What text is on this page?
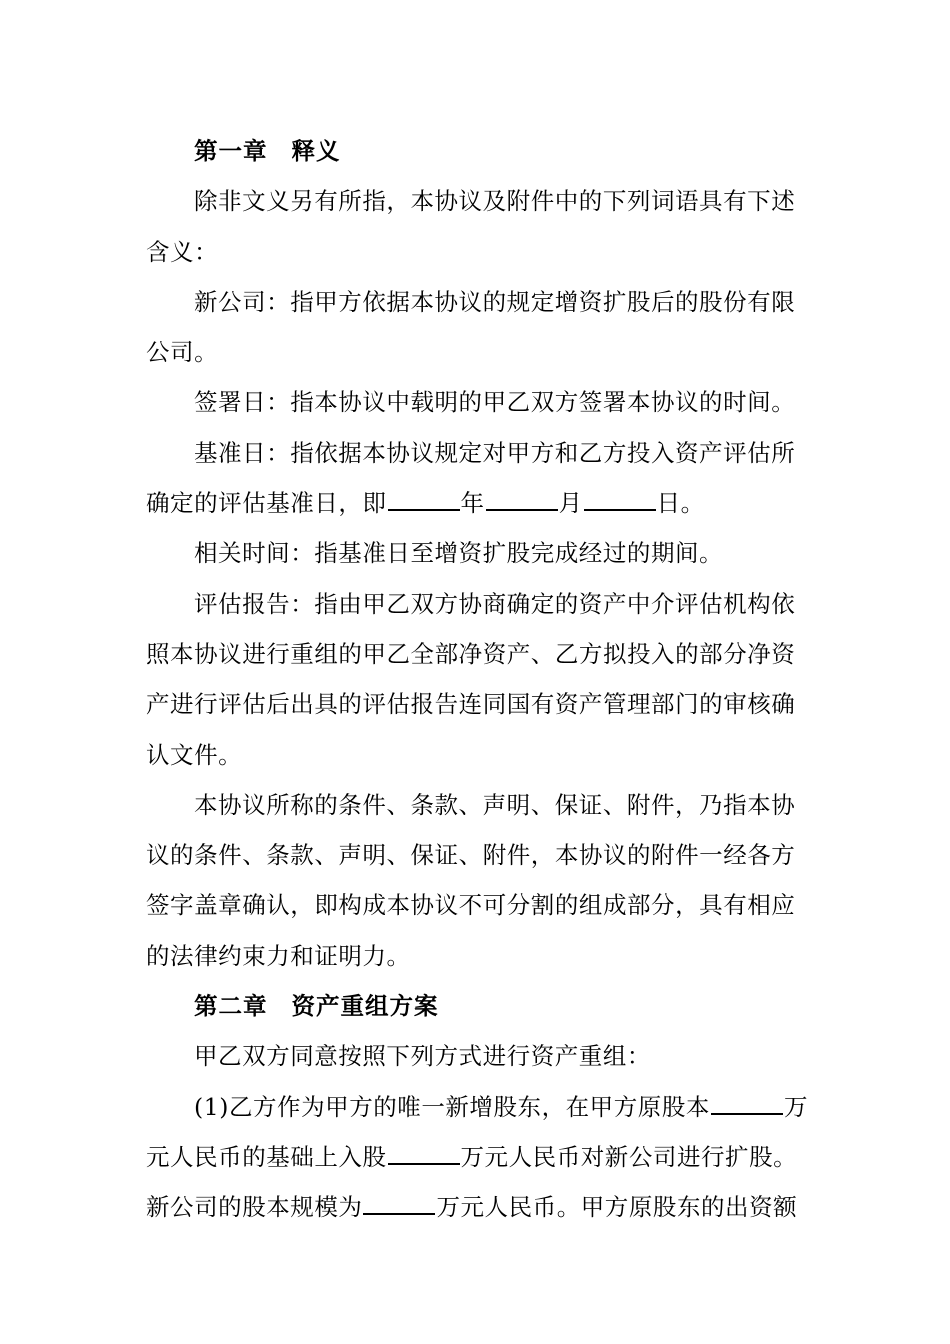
第一章 释义
除非文义另有所指，本协议及附件中的下列词语具有下述
含义：
新公司：指甲方依据本协议的规定增资扩股后的股份有限
公司。
签署日：指本协议中载明的甲乙双方签署本协议的时间。
基准日：指依据本协议规定对甲方和乙方投入资产评估所
确定的评估基准日，即	年	月	日。
相关时间：指基准日至增资扩股完成经过的期间。
评估报告：指由甲乙双方协商确定的资产中介评估机构依
照本协议进行重组的甲乙全部净资产、乙方拟投入的部分净资
产进行评估后出具的评估报告连同国有资产管理部门的审核确
认文件。
本协议所称的条件、条款、声明、保证、附件，乃指本协
议的条件、条款、声明、保证、附件，本协议的附件一经各方
签字盖章确认，即构成本协议不可分割的组成部分，具有相应
的法律约束力和证明力。
第二章 资产重组方案
甲乙双方同意按照下列方式进行资产重组：
(1)乙方作为甲方的唯一新增股东，在甲方原股本	万
元人民币的基础上入股	万元人民币对新公司进行扩股。
新公司的股本规模为	万元人民币。甲方原股东的出资额
